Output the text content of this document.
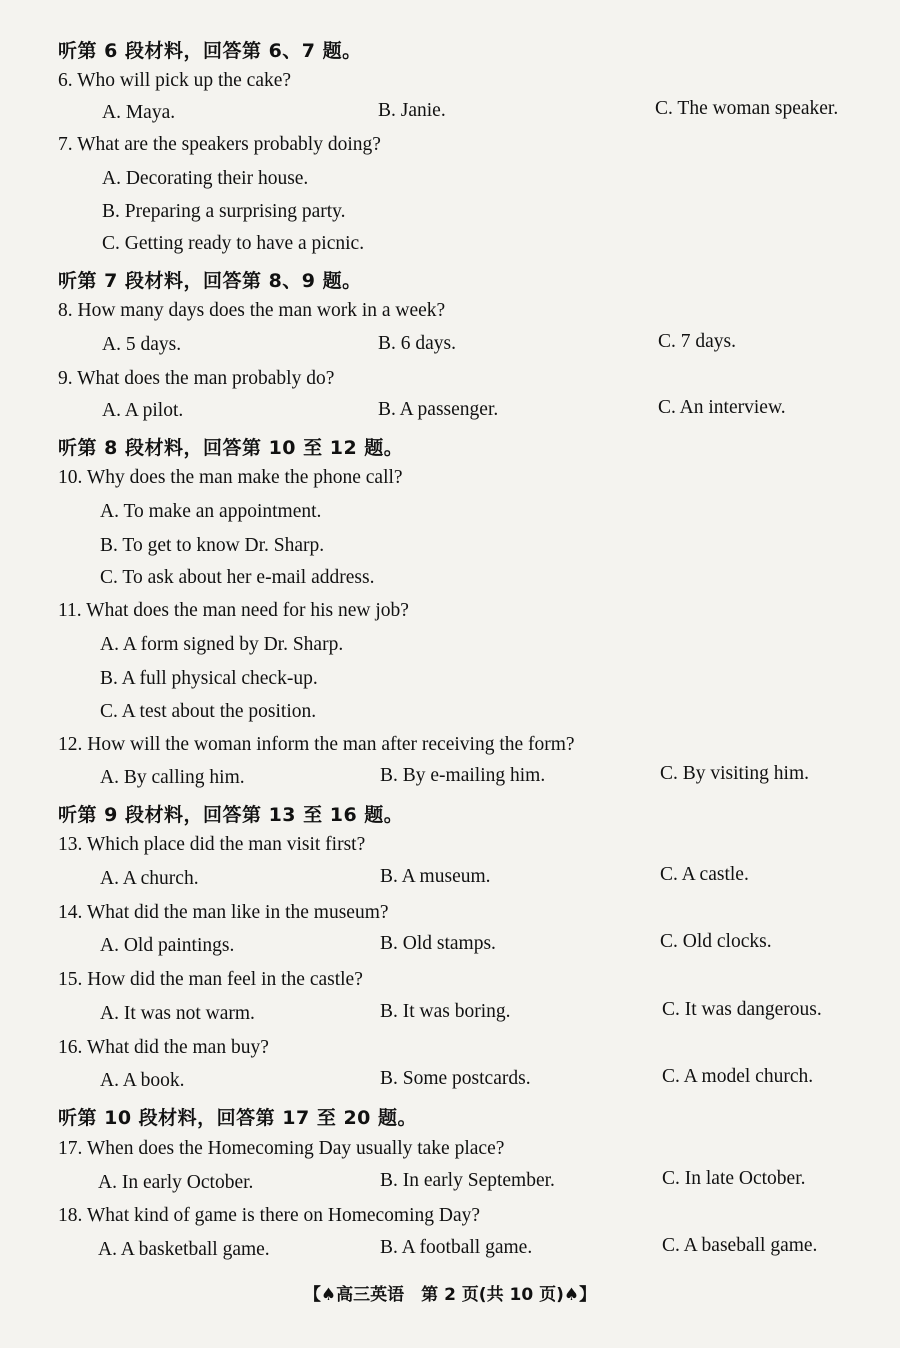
听第 6 段材料，回答第 6、7 题。
6. Who will pick up the cake?
A. Maya.	B. Janie.	C. The woman speaker.
7. What are the speakers probably doing?
A. Decorating their house.
B. Preparing a surprising party.
C. Getting ready to have a picnic.
听第 7 段材料，回答第 8、9 题。
8. How many days does the man work in a week?
A. 5 days.	B. 6 days.	C. 7 days.
9. What does the man probably do?
A. A pilot.	B. A passenger.	C. An interview.
听第 8 段材料，回答第 10 至 12 题。
10. Why does the man make the phone call?
A. To make an appointment.
B. To get to know Dr. Sharp.
C. To ask about her e-mail address.
11. What does the man need for his new job?
A. A form signed by Dr. Sharp.
B. A full physical check-up.
C. A test about the position.
12. How will the woman inform the man after receiving the form?
A. By calling him.	B. By e-mailing him.	C. By visiting him.
听第 9 段材料，回答第 13 至 16 题。
13. Which place did the man visit first?
A. A church.	B. A museum.	C. A castle.
14. What did the man like in the museum?
A. Old paintings.	B. Old stamps.	C. Old clocks.
15. How did the man feel in the castle?
A. It was not warm.	B. It was boring.	C. It was dangerous.
16. What did the man buy?
A. A book.	B. Some postcards.	C. A model church.
听第 10 段材料，回答第 17 至 20 题。
17. When does the Homecoming Day usually take place?
A. In early October.	B. In early September.	C. In late October.
18. What kind of game is there on Homecoming Day?
A. A basketball game.	B. A football game.	C. A baseball game.
【♠高三英语　第 2 页(共 10 页)♠】
